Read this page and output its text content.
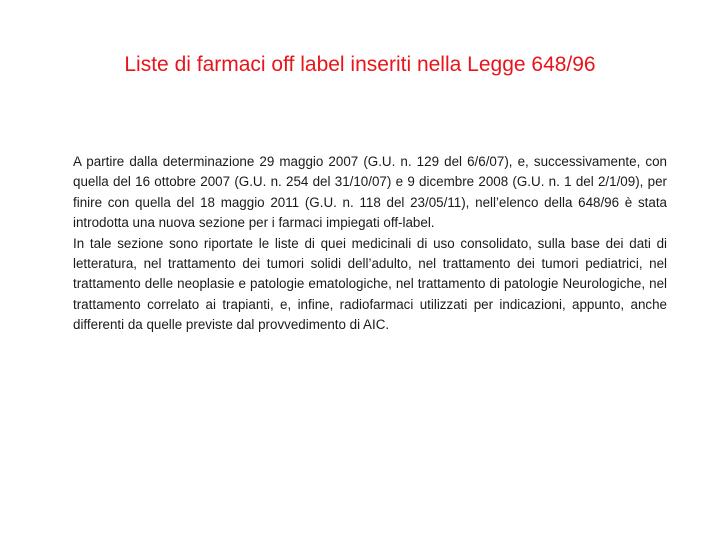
Liste di farmaci off label inseriti nella Legge 648/96

A partire dalla determinazione 29 maggio 2007 (G.U. n. 129 del 6/6/07), e, successivamente, con quella del 16 ottobre 2007 (G.U. n. 254 del 31/10/07) e 9 dicembre 2008 (G.U. n. 1 del 2/1/09), per finire con quella del 18 maggio 2011 (G.U. n. 118 del 23/05/11), nell’elenco della 648/96 è stata introdotta una nuova sezione per i farmaci impiegati off-label.

In tale sezione sono riportate le liste di quei medicinali di uso consolidato, sulla base dei dati di letteratura, nel trattamento dei tumori solidi dell’adulto, nel trattamento dei tumori pediatrici, nel trattamento delle neoplasie e patologie ematologiche, nel trattamento di patologie Neurologiche, nel trattamento correlato ai trapianti, e, infine, radiofarmaci utilizzati per indicazioni, appunto, anche differenti da quelle previste dal provvedimento di AIC.
